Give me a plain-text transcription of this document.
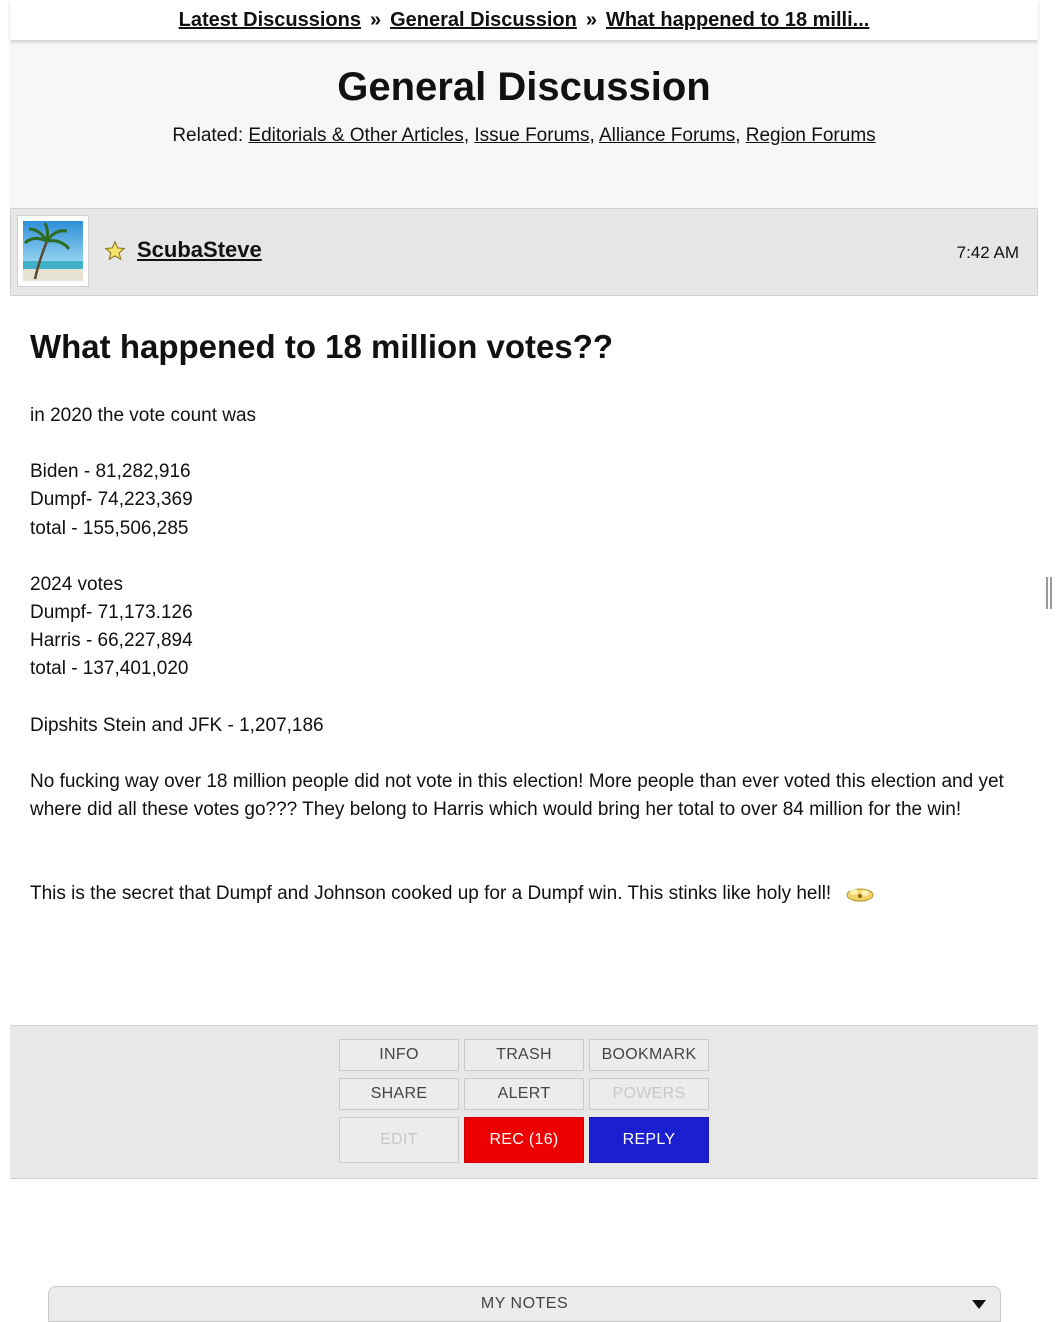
Latest Discussions » General Discussion » What happened to 18 milli...
General Discussion
Related: Editorials & Other Articles, Issue Forums, Alliance Forums, Region Forums
ScubaSteve	7:42 AM
What happened to 18 million votes??

in 2020 the vote count was

Biden - 81,282,916

Dumpf- 74,223,369

total - 155,506,285

2024 votes

Dumpf- 71,173.126

Harris - 66,227,894

total - 137,401,020

Dipshits Stein and JFK - 1,207,186

No fucking way over 18 million people did not vote in this election! More people than ever voted this election and yet where did all these votes go??? They belong to Harris which would bring her total to over 84 million for the win!

This is the secret that Dumpf and Johnson cooked up for a Dumpf win. This stinks like holy hell!

MY NOTES
INFO	TRASH	BOOKMARK
SHARE	ALERT	POWERS
EDIT	REC (16)	REPLY
